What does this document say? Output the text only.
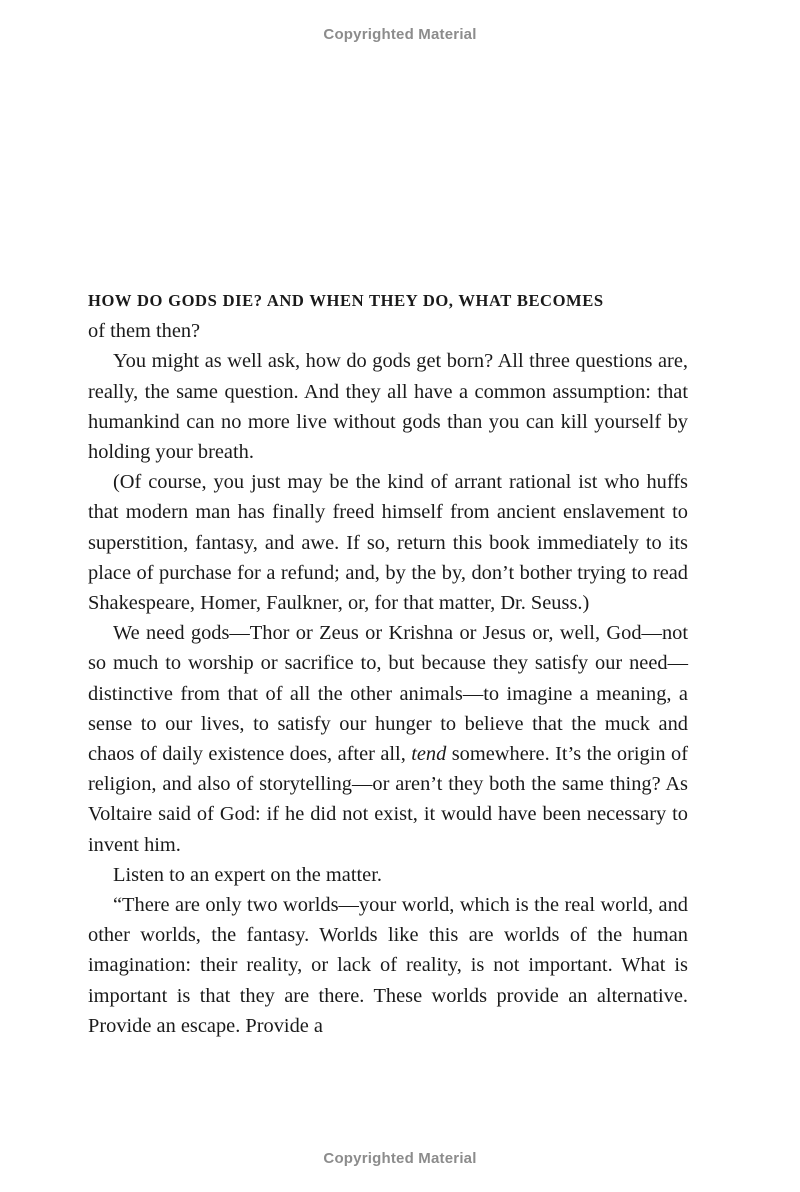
Copyrighted Material

HOW DO GODS DIE? AND WHEN THEY DO, WHAT BECOMES
of them then?

You might as well ask, how do gods get born? All three questions are, really, the same question. And they all have a common assumption: that humankind can no more live without gods than you can kill yourself by holding your breath.

(Of course, you just may be the kind of arrant rational ist who huffs that modern man has finally freed himself from ancient enslavement to superstition, fantasy, and awe. If so, return this book immediately to its place of purchase for a refund; and, by the by, don’t bother trying to read Shakespeare, Homer, Faulkner, or, for that matter, Dr. Seuss.)

We need gods—Thor or Zeus or Krishna or Jesus or, well, God—not so much to worship or sacrifice to, but because they satisfy our need—distinctive from that of all the other animals—to imagine a meaning, a sense to our lives, to satisfy our hunger to believe that the muck and chaos of daily existence does, after all, tend somewhere. It’s the origin of religion, and also of storytelling—or aren’t they both the same thing? As Voltaire said of God: if he did not exist, it would have been necessary to invent him.

Listen to an expert on the matter.

“There are only two worlds—your world, which is the real world, and other worlds, the fantasy. Worlds like this are worlds of the human imagination: their reality, or lack of reality, is not important. What is important is that they are there. These worlds provide an alternative. Provide an escape. Provide a

Copyrighted Material
